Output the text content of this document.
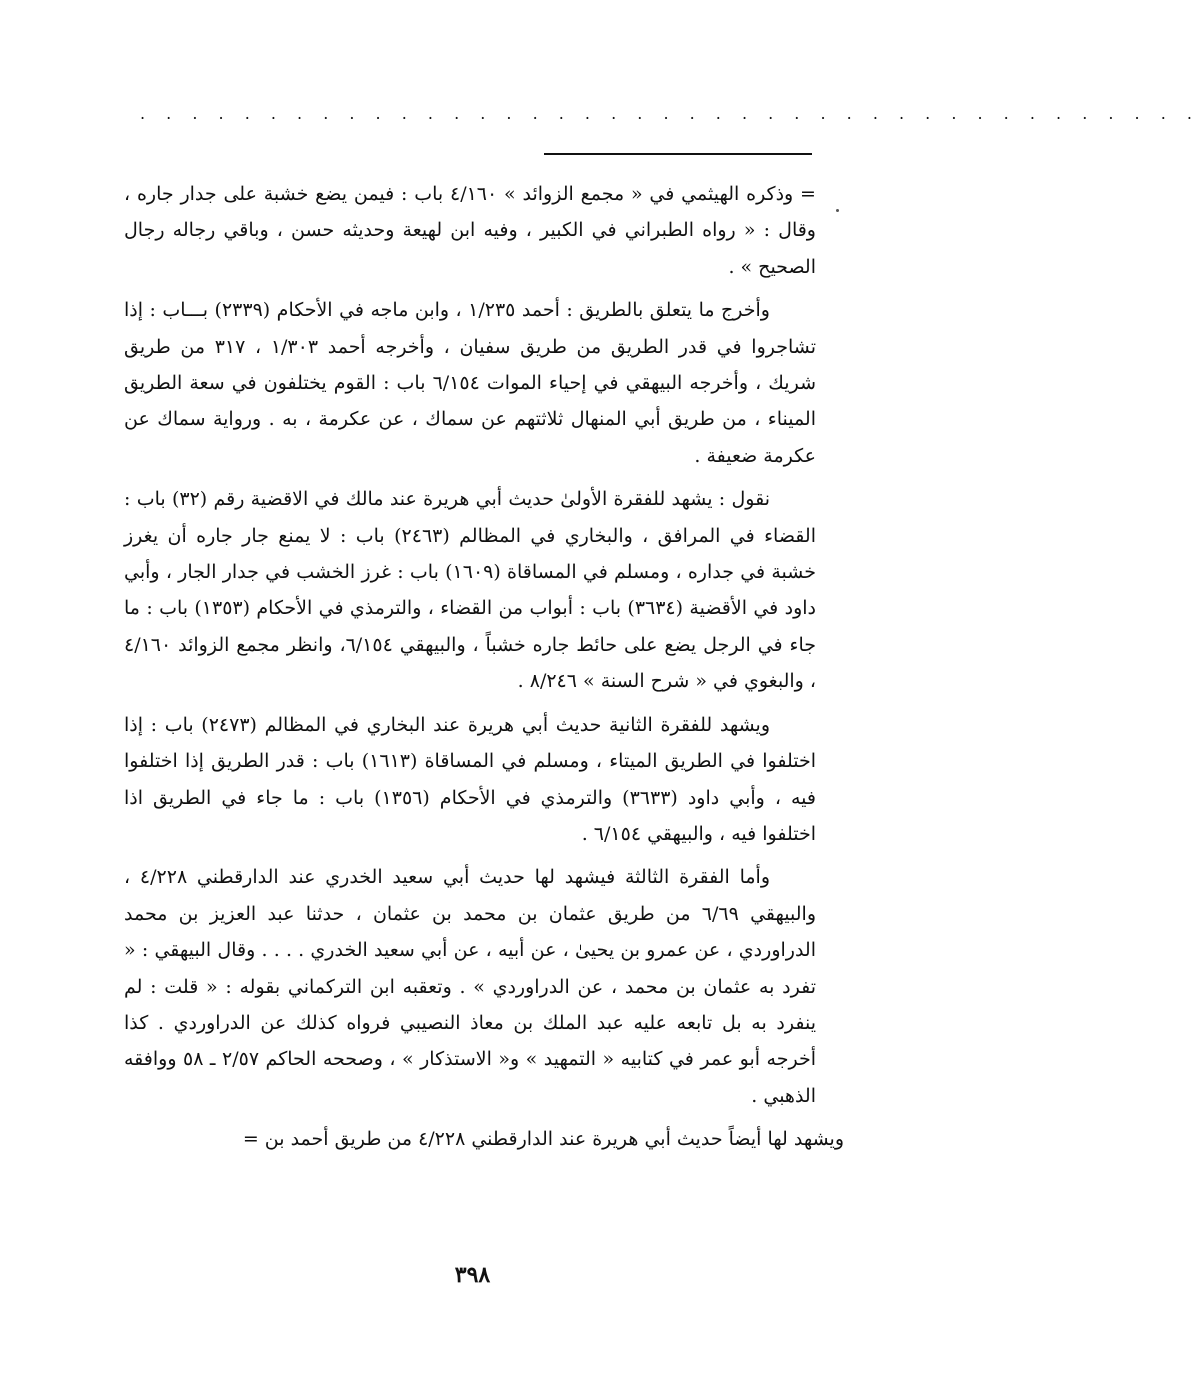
. . . . . . . . . . . . . . . . . . . . . . . . . . . . . . . . . . . . . . . . .

= وذكره الهيثمي في « مجمع الزوائد » ٤/١٦٠ باب : فيمن يضع خشبة على جدار جاره ، وقال : « رواه الطبراني في الكبير ، وفيه ابن لهيعة وحديثه حسن ، وباقي رجاله رجال الصحيح » .

وأخرج ما يتعلق بالطريق : أحمد ١/٢٣٥ ، وابن ماجه في الأحكام (٢٣٣٩) بـــاب : إذا تشاجروا في قدر الطريق من طريق سفيان ، وأخرجه أحمد ١/٣٠٣ ، ٣١٧ من طريق شريك ، وأخرجه البيهقي في إحياء الموات ٦/١٥٤ باب : القوم يختلفون في سعة الطريق الميناء ، من طريق أبي المنهال ثلاثتهم عن سماك ، عن عكرمة ، به . ورواية سماك عن عكرمة ضعيفة .

نقول : يشهد للفقرة الأولىٰ حديث أبي هريرة عند مالك في الاقضية رقم (٣٢) باب : القضاء في المرافق ، والبخاري في المظالم (٢٤٦٣) باب : لا يمنع جار جاره أن يغرز خشبة في جداره ، ومسلم في المساقاة (١٦٠٩) باب : غرز الخشب في جدار الجار ، وأبي داود في الأقضية (٣٦٣٤) باب : أبواب من القضاء ، والترمذي في الأحكام (١٣٥٣) باب : ما جاء في الرجل يضع على حائط جاره خشباً ، والبيهقي ٦/١٥٤، وانظر مجمع الزوائد ٤/١٦٠ ، والبغوي في « شرح السنة » ٨/٢٤٦ .

ويشهد للفقرة الثانية حديث أبي هريرة عند البخاري في المظالم (٢٤٧٣) باب : إذا اختلفوا في الطريق الميتاء ، ومسلم في المساقاة (١٦١٣) باب : قدر الطريق إذا اختلفوا فيه ، وأبي داود (٣٦٣٣) والترمذي في الأحكام (١٣٥٦) باب : ما جاء في الطريق اذا اختلفوا فيه ، والبيهقي ٦/١٥٤ .

وأما الفقرة الثالثة فيشهد لها حديث أبي سعيد الخدري عند الدارقطني ٤/٢٢٨ ، والبيهقي ٦/٦٩ من طريق عثمان بن محمد بن عثمان ، حدثنا عبد العزيز بن محمد الدراوردي ، عن عمرو بن يحيىٰ ، عن أبيه ، عن أبي سعيد الخدري . . . . وقال البيهقي : « تفرد به عثمان بن محمد ، عن الدراوردي » . وتعقبه ابن التركماني بقوله : « قلت : لم ينفرد به بل تابعه عليه عبد الملك بن معاذ النصيبي فرواه كذلك عن الدراوردي . كذا أخرجه أبو عمر في كتابيه « التمهيد » و« الاستذكار » ، وصححه الحاكم ٢/٥٧ ـ ٥٨ ووافقه الذهبي .

ويشهد لها أيضاً حديث أبي هريرة عند الدارقطني ٤/٢٢٨ من طريق أحمد بن =

٣٩٨
